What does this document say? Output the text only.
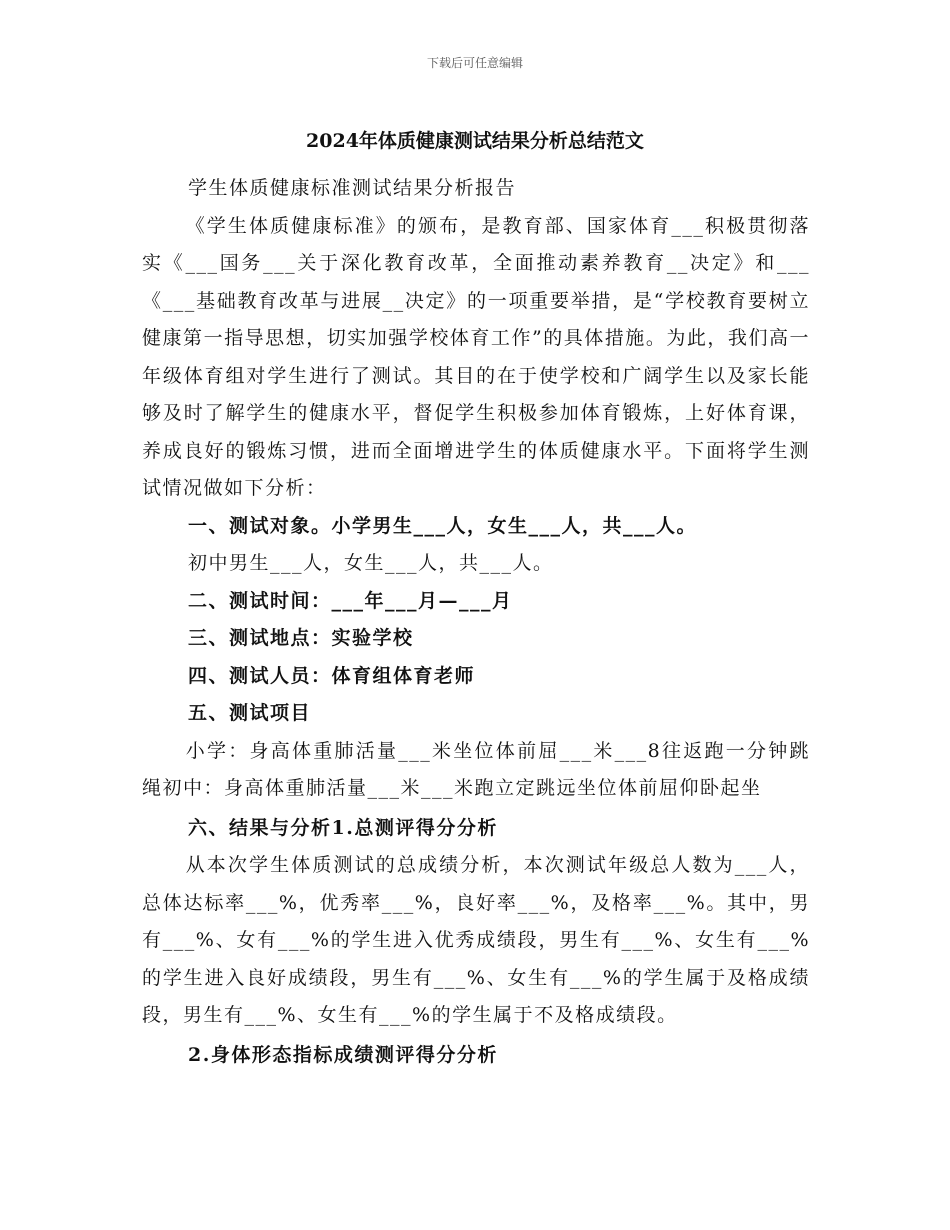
下载后可任意编辑
2024年体质健康测试结果分析总结范文

学生体质健康标准测试结果分析报告

《学生体质健康标准》的颁布，是教育部、国家体育___积极贯彻落实《___国务___关于深化教育改革，全面推动素养教育__决定》和___《___基础教育改革与进展__决定》的一项重要举措，是“学校教育要树立健康第一指导思想，切实加强学校体育工作”的具体措施。为此，我们高一年级体育组对学生进行了测试。其目的在于使学校和广阔学生以及家长能够及时了解学生的健康水平，督促学生积极参加体育锻炼，上好体育课，养成良好的锻炼习惯，进而全面增进学生的体质健康水平。下面将学生测试情况做如下分析：

一、测试对象。小学男生___人，女生___人，共___人。

初中男生___人，女生___人，共___人。

二、测试时间：___年___月—___月

三、测试地点：实验学校

四、测试人员：体育组体育老师

五、测试项目

小学：身高体重肺活量___米坐位体前屈___米___8往返跑一分钟跳绳初中：身高体重肺活量___米___米跑立定跳远坐位体前屈仰卧起坐

六、结果与分析1.总测评得分分析

从本次学生体质测试的总成绩分析，本次测试年级总人数为___人，总体达标率___%，优秀率___%，良好率___%，及格率___%。其中，男有___%、女有___%的学生进入优秀成绩段，男生有___%、女生有___%的学生进入良好成绩段，男生有___%、女生有___%的学生属于及格成绩段，男生有___%、女生有___%的学生属于不及格成绩段。

2.身体形态指标成绩测评得分分析
